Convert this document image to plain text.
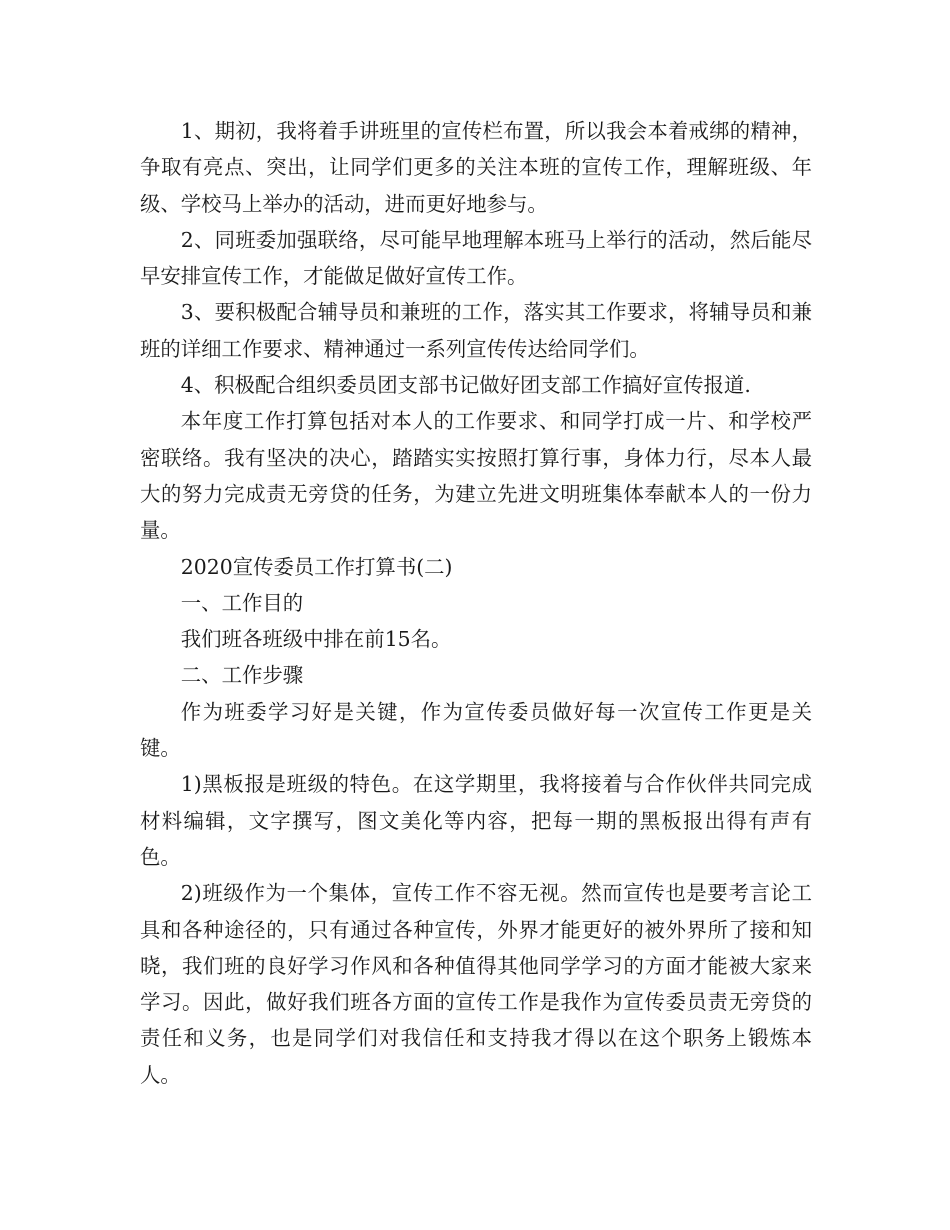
1、期初，我将着手讲班里的宣传栏布置，所以我会本着戒绑的精神，争取有亮点、突出，让同学们更多的关注本班的宣传工作，理解班级、年级、学校马上举办的活动，进而更好地参与。

2、同班委加强联络，尽可能早地理解本班马上举行的活动，然后能尽早安排宣传工作，才能做足做好宣传工作。

3、要积极配合辅导员和兼班的工作，落实其工作要求，将辅导员和兼班的详细工作要求、精神通过一系列宣传传达给同学们。

4、积极配合组织委员团支部书记做好团支部工作搞好宣传报道.

本年度工作打算包括对本人的工作要求、和同学打成一片、和学校严密联络。我有坚决的决心，踏踏实实按照打算行事，身体力行，尽本人最大的努力完成责无旁贷的任务，为建立先进文明班集体奉献本人的一份力量。

2020宣传委员工作打算书(二)

一、工作目的

我们班各班级中排在前15名。

二、工作步骤

作为班委学习好是关键，作为宣传委员做好每一次宣传工作更是关键。

1)黑板报是班级的特色。在这学期里，我将接着与合作伙伴共同完成材料编辑，文字撰写，图文美化等内容，把每一期的黑板报出得有声有色。

2)班级作为一个集体，宣传工作不容无视。然而宣传也是要考言论工具和各种途径的，只有通过各种宣传，外界才能更好的被外界所了接和知晓，我们班的良好学习作风和各种值得其他同学学习的方面才能被大家来学习。因此，做好我们班各方面的宣传工作是我作为宣传委员责无旁贷的责任和义务，也是同学们对我信任和支持我才得以在这个职务上锻炼本人。
